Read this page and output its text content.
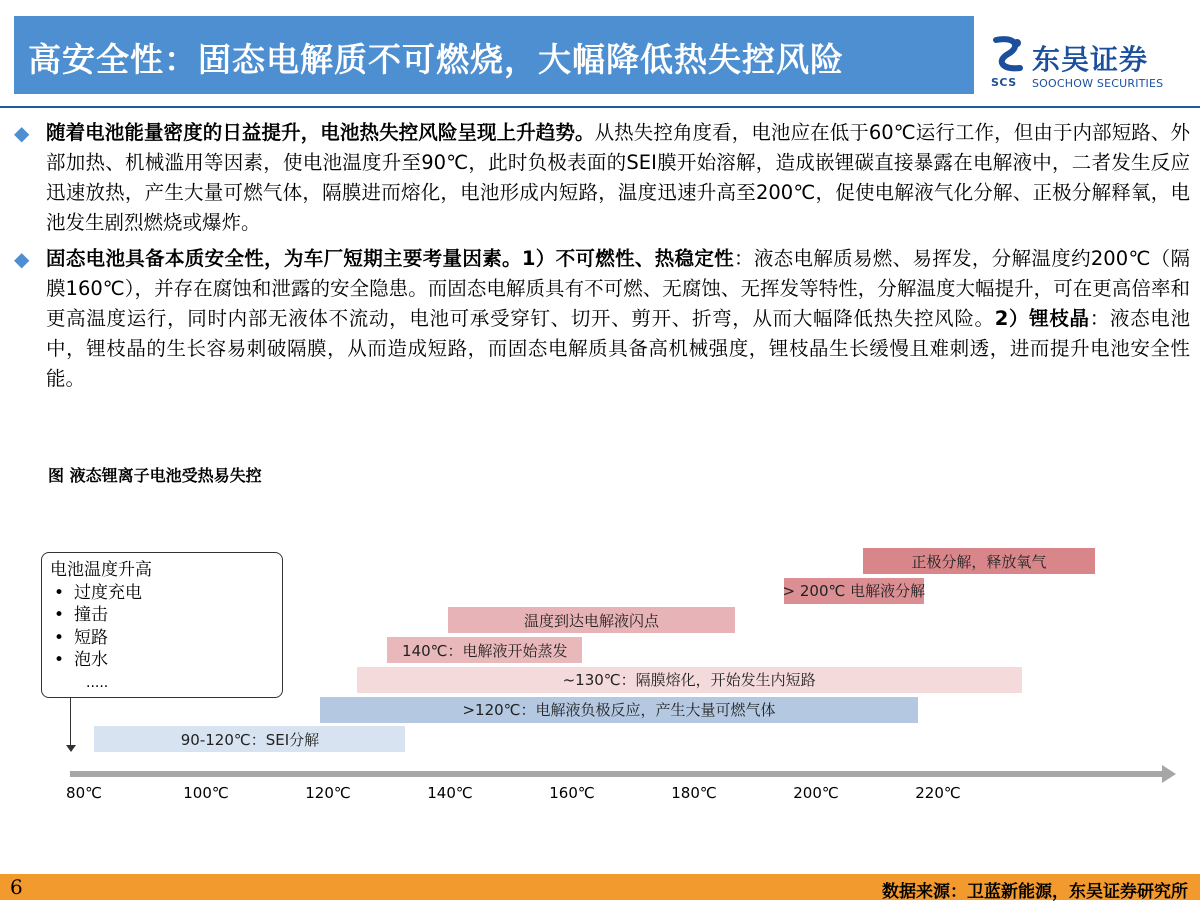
高安全性：固态电解质不可燃烧，大幅降低热失控风险	东吴证券
SCS SOOCHOW SECURITIES
◆ 随着电池能量密度的日益提升，电池热失控风险呈现上升趋势。从热失控角度看，电池应在低于60℃运行工作，但由于内部短路、外部加热、机械滥用等因素，使电池温度升至90℃，此时负极表面的SEI膜开始溶解，造成嵌锂碳直接暴露在电解液中，二者发生反应迅速放热，产生大量可燃气体，隔膜进而熔化，电池形成内短路，温度迅速升高至200℃，促使电解液气化分解、正极分解释氧，电池发生剧烈燃烧或爆炸。

◆ 固态电池具备本质安全性，为车厂短期主要考量因素。1）不可燃性、热稳定性：液态电解质易燃、易挥发，分解温度约200℃（隔膜160℃），并存在腐蚀和泄露的安全隐患。而固态电解质具有不可燃、无腐蚀、无挥发等特性，分解温度大幅提升，可在更高倍率和更高温度运行，同时内部无液体不流动，电池可承受穿钉、切开、剪开、折弯，从而大幅降低热失控风险。2）锂枝晶：液态电池中，锂枝晶的生长容易刺破隔膜，从而造成短路，而固态电解质具备高机械强度，锂枝晶生长缓慢且难刺透，进而提升电池安全性能。

图 液态锂离子电池受热易失控
电池温度升高
• 过度充电
• 撞击
• 短路
• 泡水
.....
正极分解，释放氧气
> 200℃ 电解液分解
温度到达电解液闪点
140℃：电解液开始蒸发
~130℃：隔膜熔化，开始发生内短路
>120℃：电解液负极反应，产生大量可燃气体
90-120℃：SEI分解
80℃	100℃	120℃	140℃	160℃	180℃	200℃	220℃
6	数据来源：卫蓝新能源，东吴证券研究所
